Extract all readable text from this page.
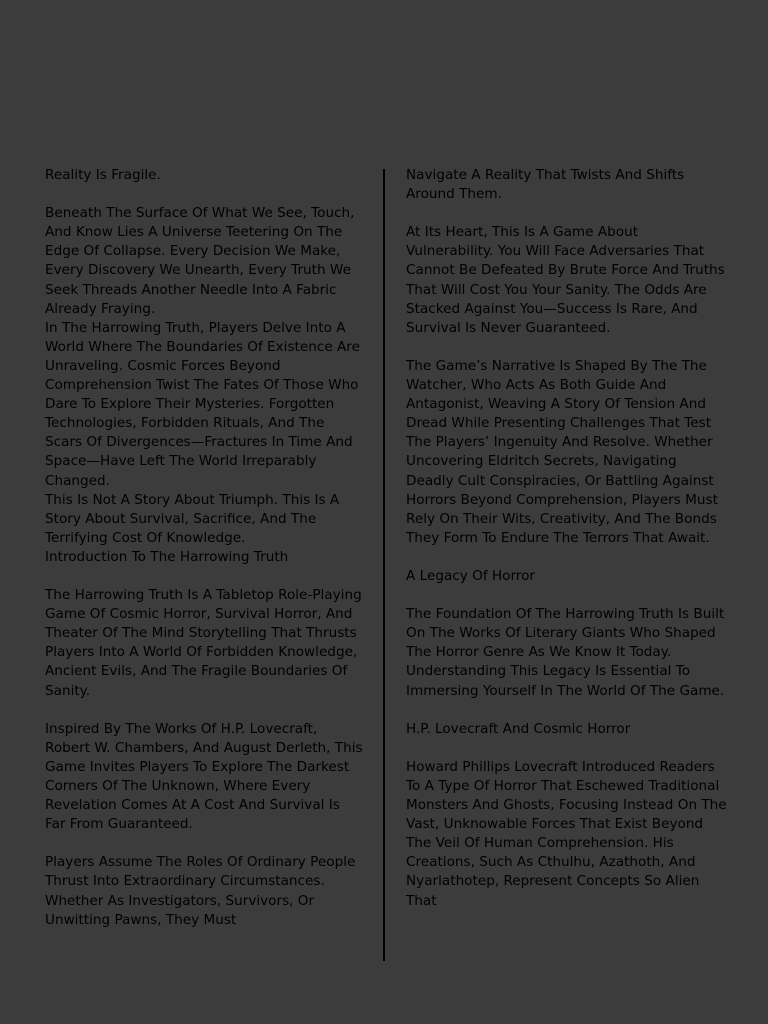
Reality Is Fragile.

Beneath The Surface Of What We See, Touch, And Know Lies A Universe Teetering On The Edge Of Collapse. Every Decision We Make, Every Discovery We Unearth, Every Truth We Seek Threads Another Needle Into A Fabric Already Fraying.

In The Harrowing Truth, Players Delve Into A World Where The Boundaries Of Existence Are Unraveling. Cosmic Forces Beyond Comprehension Twist The Fates Of Those Who Dare To Explore Their Mysteries. Forgotten Technologies, Forbidden Rituals, And The Scars Of Divergences—Fractures In Time And Space—Have Left The World Irreparably Changed.

This Is Not A Story About Triumph. This Is A Story About Survival, Sacrifice, And The Terrifying Cost Of Knowledge.

Introduction To The Harrowing Truth

The Harrowing Truth Is A Tabletop Role-Playing Game Of Cosmic Horror, Survival Horror, And Theater Of The Mind Storytelling That Thrusts Players Into A World Of Forbidden Knowledge, Ancient Evils, And The Fragile Boundaries Of Sanity.

Inspired By The Works Of H.P. Lovecraft, Robert W. Chambers, And August Derleth, This Game Invites Players To Explore The Darkest Corners Of The Unknown, Where Every Revelation Comes At A Cost And Survival Is Far From Guaranteed.

Players Assume The Roles Of Ordinary People Thrust Into Extraordinary Circumstances. Whether As Investigators, Survivors, Or Unwitting Pawns, They Must

Navigate A Reality That Twists And Shifts Around Them.

At Its Heart, This Is A Game About Vulnerability. You Will Face Adversaries That Cannot Be Defeated By Brute Force And Truths That Will Cost You Your Sanity. The Odds Are Stacked Against You—Success Is Rare, And Survival Is Never Guaranteed.

The Game’s Narrative Is Shaped By The The Watcher, Who Acts As Both Guide And Antagonist, Weaving A Story Of Tension And Dread While Presenting Challenges That Test The Players’ Ingenuity And Resolve. Whether Uncovering Eldritch Secrets, Navigating Deadly Cult Conspiracies, Or Battling Against Horrors Beyond Comprehension, Players Must Rely On Their Wits, Creativity, And The Bonds They Form To Endure The Terrors That Await.

A Legacy Of Horror

The Foundation Of The Harrowing Truth Is Built On The Works Of Literary Giants Who Shaped The Horror Genre As We Know It Today. Understanding This Legacy Is Essential To Immersing Yourself In The World Of The Game.

H.P. Lovecraft And Cosmic Horror

Howard Phillips Lovecraft Introduced Readers To A Type Of Horror That Eschewed Traditional Monsters And Ghosts, Focusing Instead On The Vast, Unknowable Forces That Exist Beyond The Veil Of Human Comprehension. His Creations, Such As Cthulhu, Azathoth, And Nyarlathotep, Represent Concepts So Alien That
